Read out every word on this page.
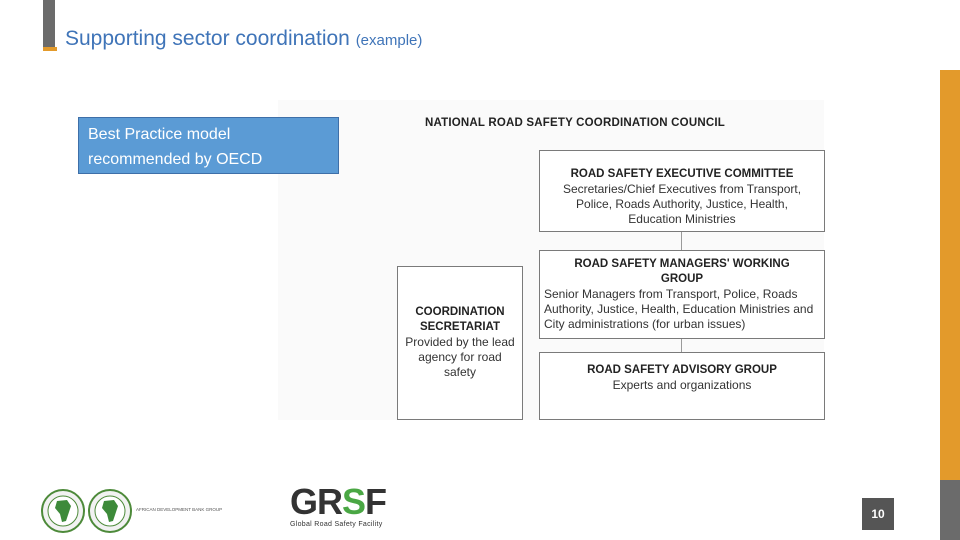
Supporting sector coordination (example)
NATIONAL ROAD SAFETY COORDINATION COUNCIL
ROAD SAFETY EXECUTIVE COMMITTEE
Secretaries/Chief Executives from Transport, Police, Roads Authority, Justice, Health, Education Ministries
ROAD SAFETY MANAGERS' WORKING GROUP
Senior Managers from Transport, Police, Roads Authority, Justice, Health, Education Ministries and City administrations (for urban issues)
COORDINATION SECRETARIAT
Provided by the lead agency for road safety	ROAD SAFETY ADVISORY GROUP
Experts and organizations
Best Practice model recommended by OECD
AFRICAN DEVELOPMENT BANK GROUP GRSF
Global Road Safety Facility
10
